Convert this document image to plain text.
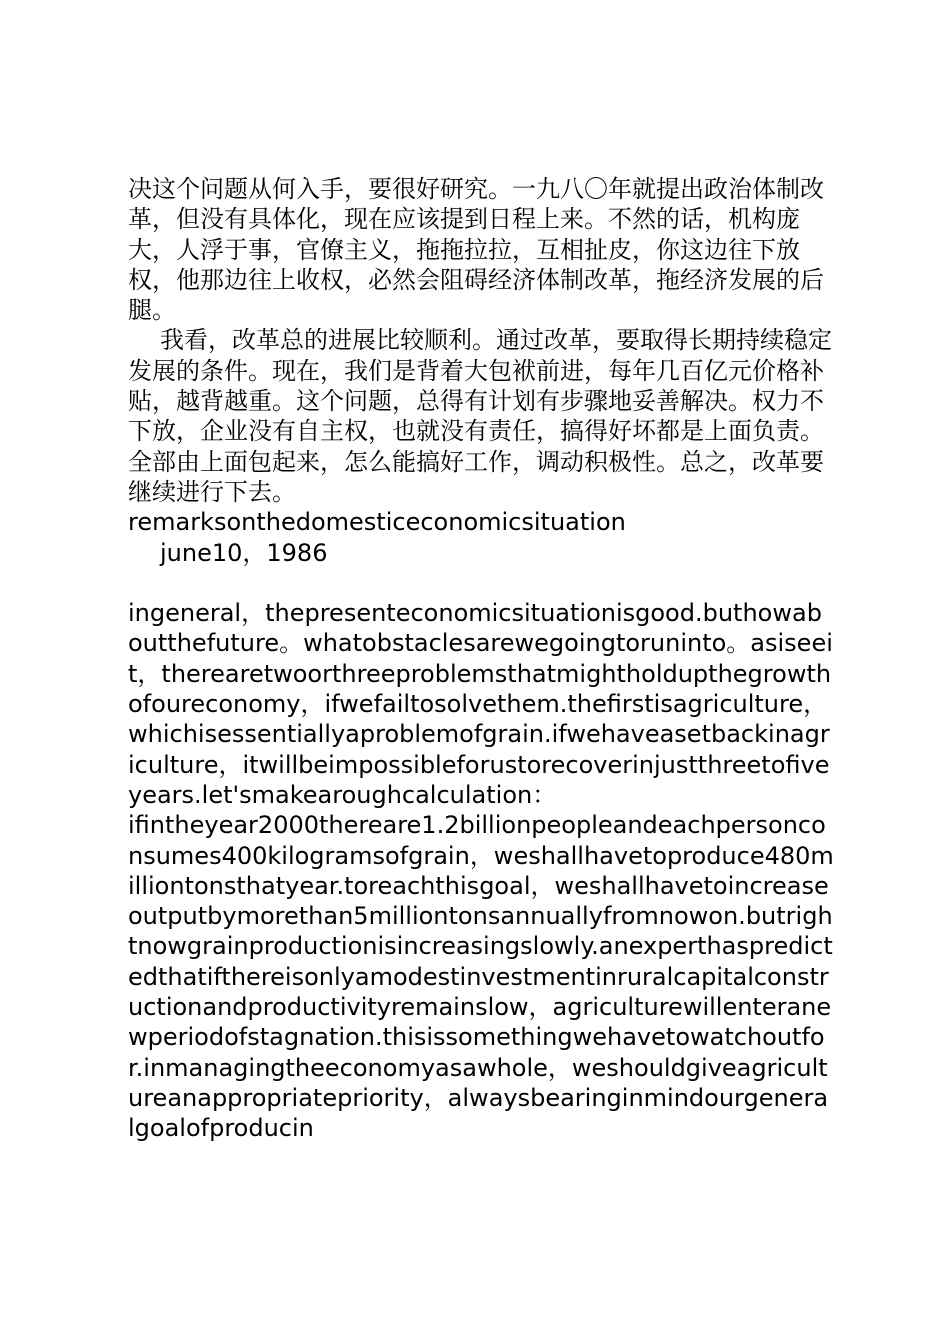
决这个问题从何入手，要很好研究。一九八〇年就提出政治体制改革，但没有具体化，现在应该提到日程上来。不然的话，机构庞大，人浮于事，官僚主义，拖拖拉拉，互相扯皮，你这边往下放权，他那边往上收权，必然会阻碍经济体制改革，拖经济发展的后腿。

我看，改革总的进展比较顺利。通过改革，要取得长期持续稳定发展的条件。现在，我们是背着大包袱前进，每年几百亿元价格补贴，越背越重。这个问题，总得有计划有步骤地妥善解决。权力不下放，企业没有自主权，也就没有责任，搞得好坏都是上面负责。全部由上面包起来，怎么能搞好工作，调动积极性。总之，改革要继续进行下去。

remarksonthedomesticeconomicsituation

june10，1986

ingeneral，thepresenteconomicsituationisgood.buthowaboutthefuture。whatobstaclesarewegoingtoruninto。asiseeit，therearetwoorthreeproblemsthatmightholdupthegrowthofoureconomy，ifwefailtosolvethem.thefirstisagriculture，whichisessentiallyaproblemofgrain.ifwehaveasetbackinagriculture，itwillbeimpossibleforustorecoverinjustthreetofiveyears.let'smakearoughcalculation：

ifintheyear2000thereare1.2billionpeopleandeachpersonconsumes400kilogramsofgrain，weshallhavetoproduce480milliontonsthatyear.toreachthisgoal，weshallhavetoincreaseoutputbymorethan5milliontonsannuallyfromnowon.butrightnowgrainproductionisincreasingslowly.anexperthaspredictedthatifthereisonlyamodestinvestmentinruralcapitalconstructionandproductivityremainslow，agriculturewillenteranewperiodofstagnation.thisissomethingwehavetowatchoutfor.inmanagingtheeconomyasawhole，weshouldgiveagricultureanappropriatepriority，alwaysbearinginmindourgeneralgoalofproducin
